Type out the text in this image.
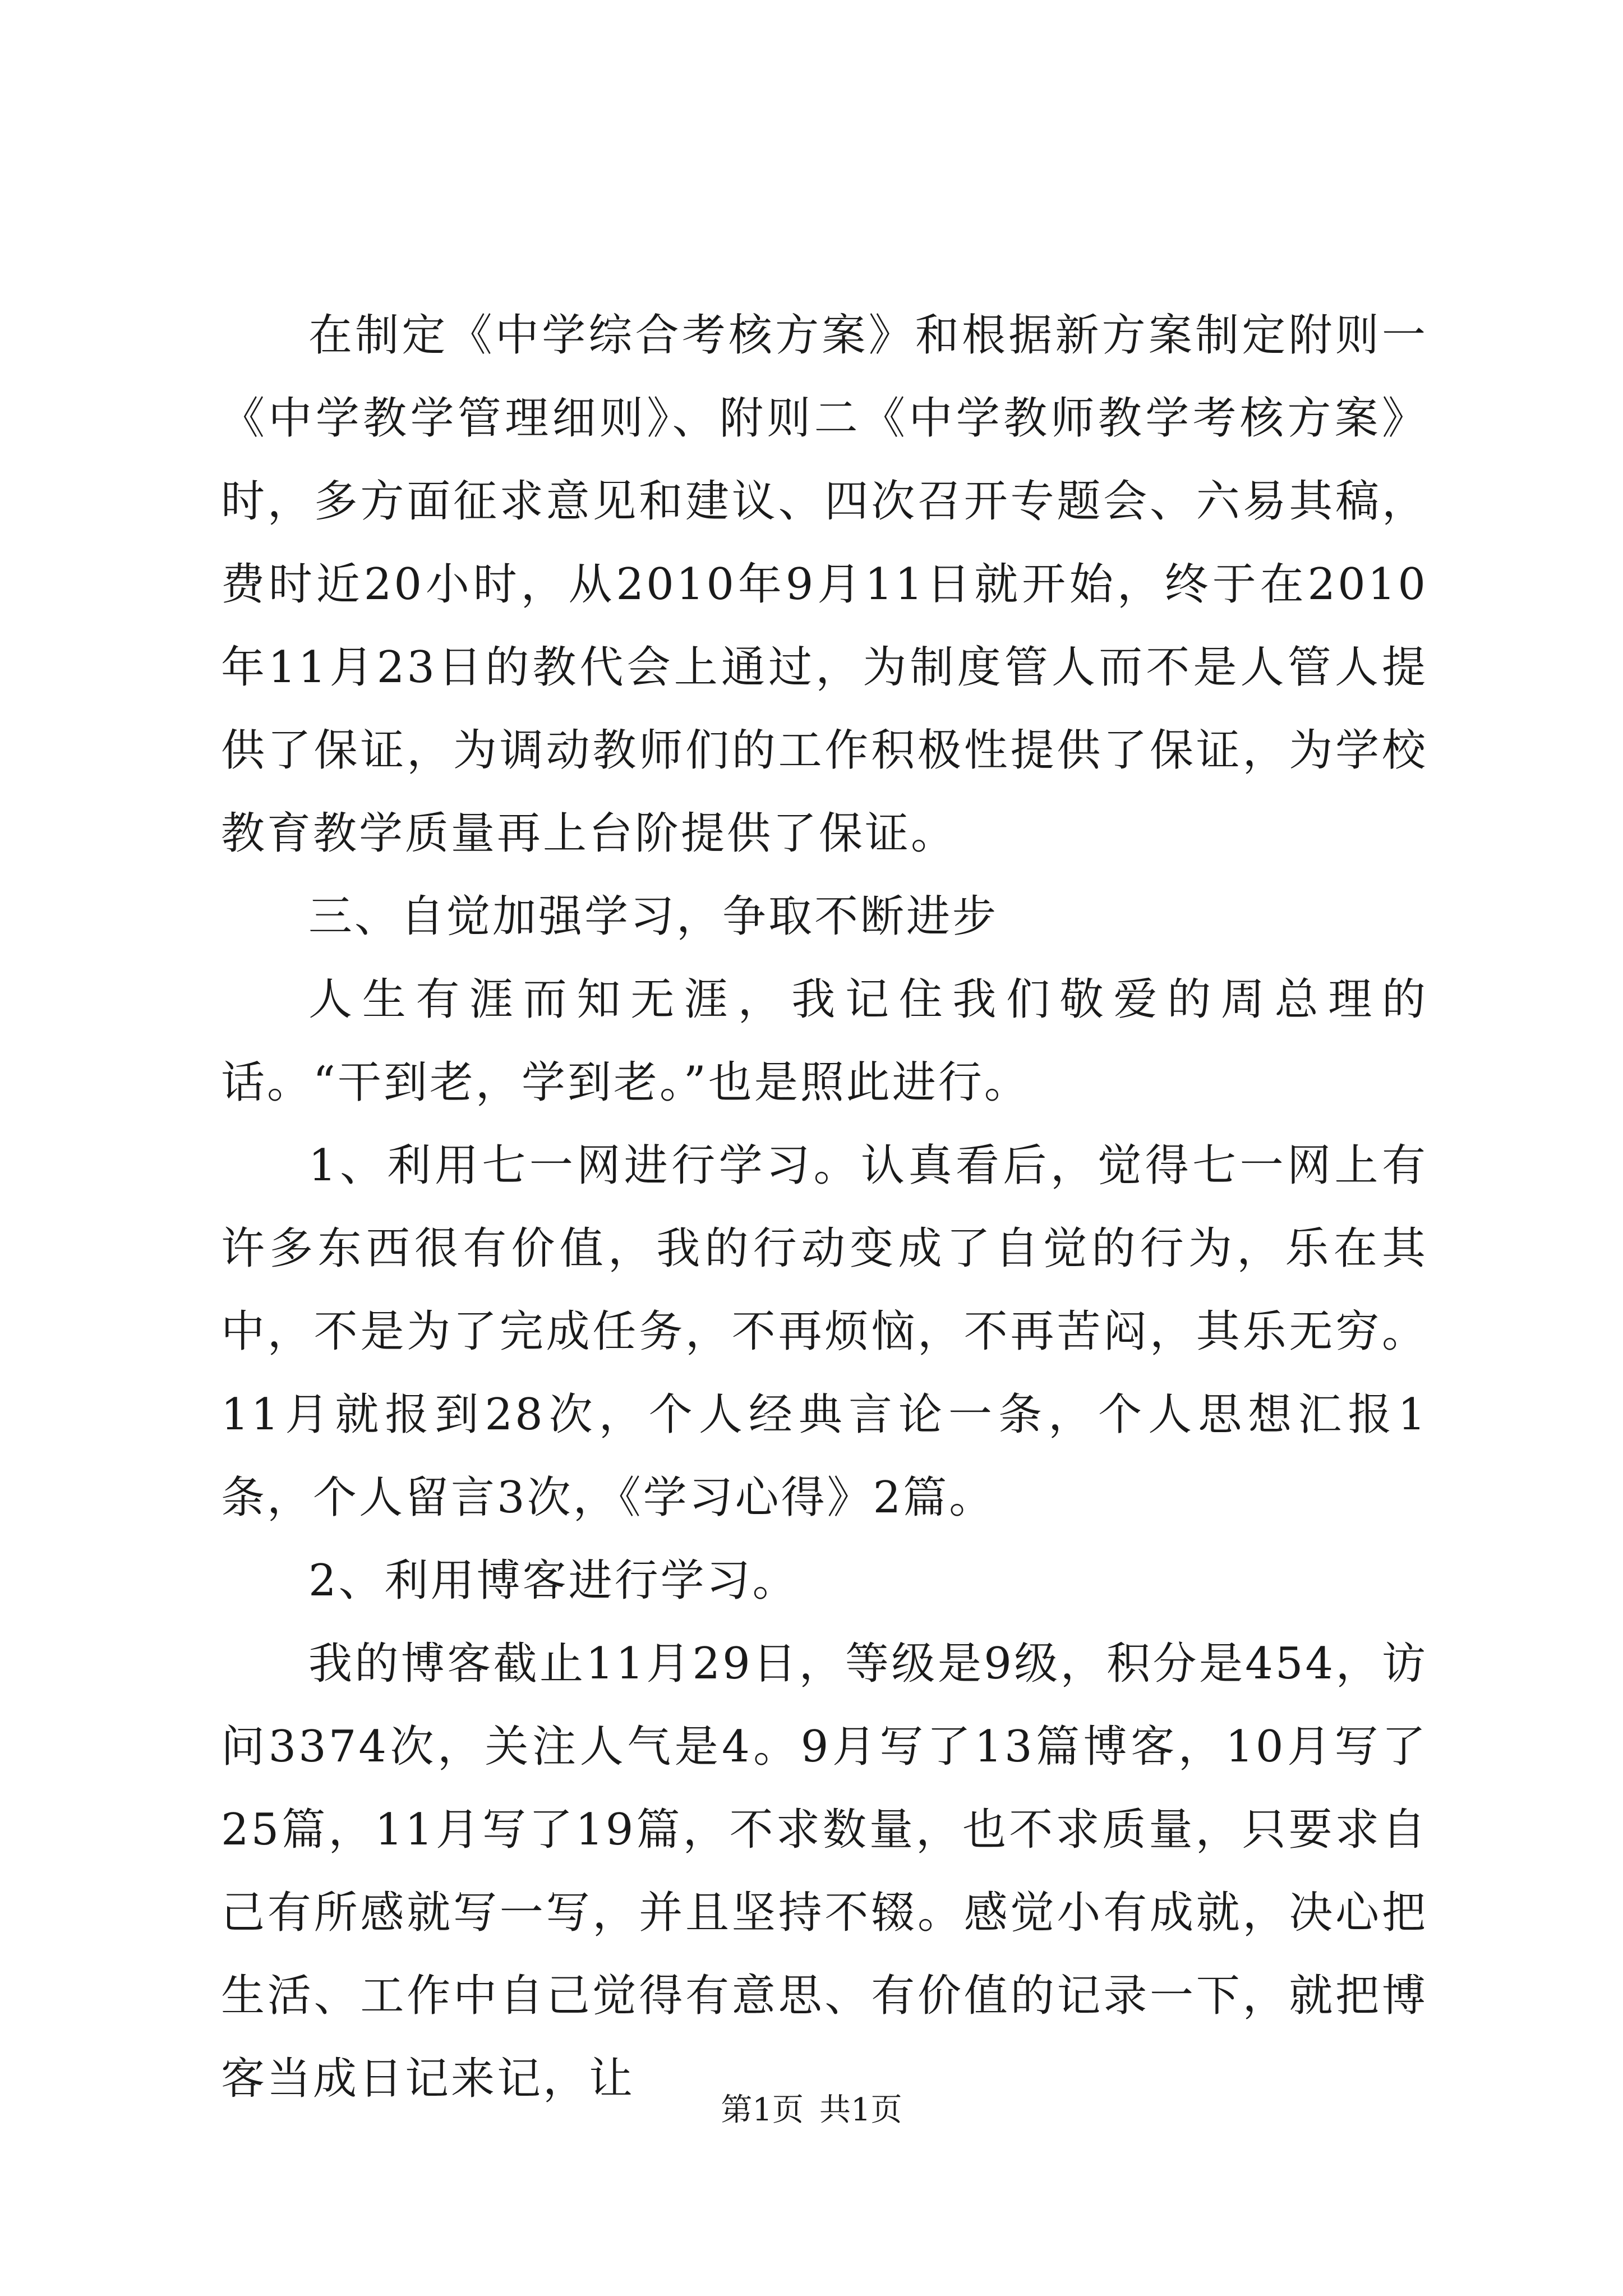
在制定《中学综合考核方案》和根据新方案制定附则一《中学教学管理细则》、附则二《中学教师教学考核方案》时，多方面征求意见和建议、四次召开专题会、六易其稿，费时近20小时，从2010年9月11日就开始，终于在2010年11月23日的教代会上通过，为制度管人而不是人管人提供了保证，为调动教师们的工作积极性提供了保证，为学校教育教学质量再上台阶提供了保证。

三、自觉加强学习，争取不断进步

人生有涯而知无涯，我记住我们敬爱的周总理的话。“干到老，学到老。”也是照此进行。

1、利用七一网进行学习。认真看后，觉得七一网上有许多东西很有价值，我的行动变成了自觉的行为，乐在其中，不是为了完成任务，不再烦恼，不再苦闷，其乐无穷。11月就报到28次，个人经典言论一条，个人思想汇报1条，个人留言3次，《学习心得》2篇。

2、利用博客进行学习。

我的博客截止11月29日，等级是9级，积分是454，访问3374次，关注人气是4。9月写了13篇博客，10月写了25篇，11月写了19篇，不求数量，也不求质量，只要求自己有所感就写一写，并且坚持不辍。感觉小有成就，决心把生活、工作中自己觉得有意思、有价值的记录一下，就把博客当成日记来记，让

第1页 共1页
